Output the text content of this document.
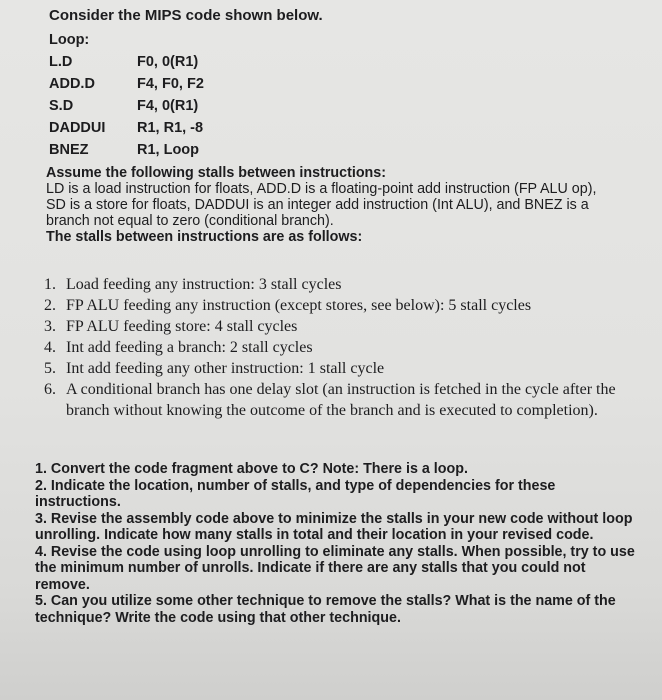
Consider the MIPS code shown below.
Loop:
L.D	F0, 0(R1)
ADD.D	F4, F0, F2
S.D	F4, 0(R1)
DADDUI	R1, R1, -8
BNEZ	R1, Loop
Assume the following stalls between instructions:
LD is a load instruction for floats, ADD.D is a floating-point add instruction (FP ALU op),
SD is a store for floats, DADDUI is an integer add instruction (Int ALU), and BNEZ is a
branch not equal to zero (conditional branch).
The stalls between instructions are as follows:
1. Load feeding any instruction: 3 stall cycles
2. FP ALU feeding any instruction (except stores, see below): 5 stall cycles
3. FP ALU feeding store: 4 stall cycles
4. Int add feeding a branch: 2 stall cycles
5. Int add feeding any other instruction: 1 stall cycle
6. A conditional branch has one delay slot (an instruction is fetched in the cycle after the branch without knowing the outcome of the branch and is executed to completion).

1. Convert the code fragment above to C? Note: There is a loop.

2. Indicate the location, number of stalls, and type of dependencies for these instructions.

3. Revise the assembly code above to minimize the stalls in your new code without loop unrolling. Indicate how many stalls in total and their location in your revised code.

4. Revise the code using loop unrolling to eliminate any stalls. When possible, try to use the minimum number of unrolls. Indicate if there are any stalls that you could not remove.

5. Can you utilize some other technique to remove the stalls? What is the name of the technique? Write the code using that other technique.
